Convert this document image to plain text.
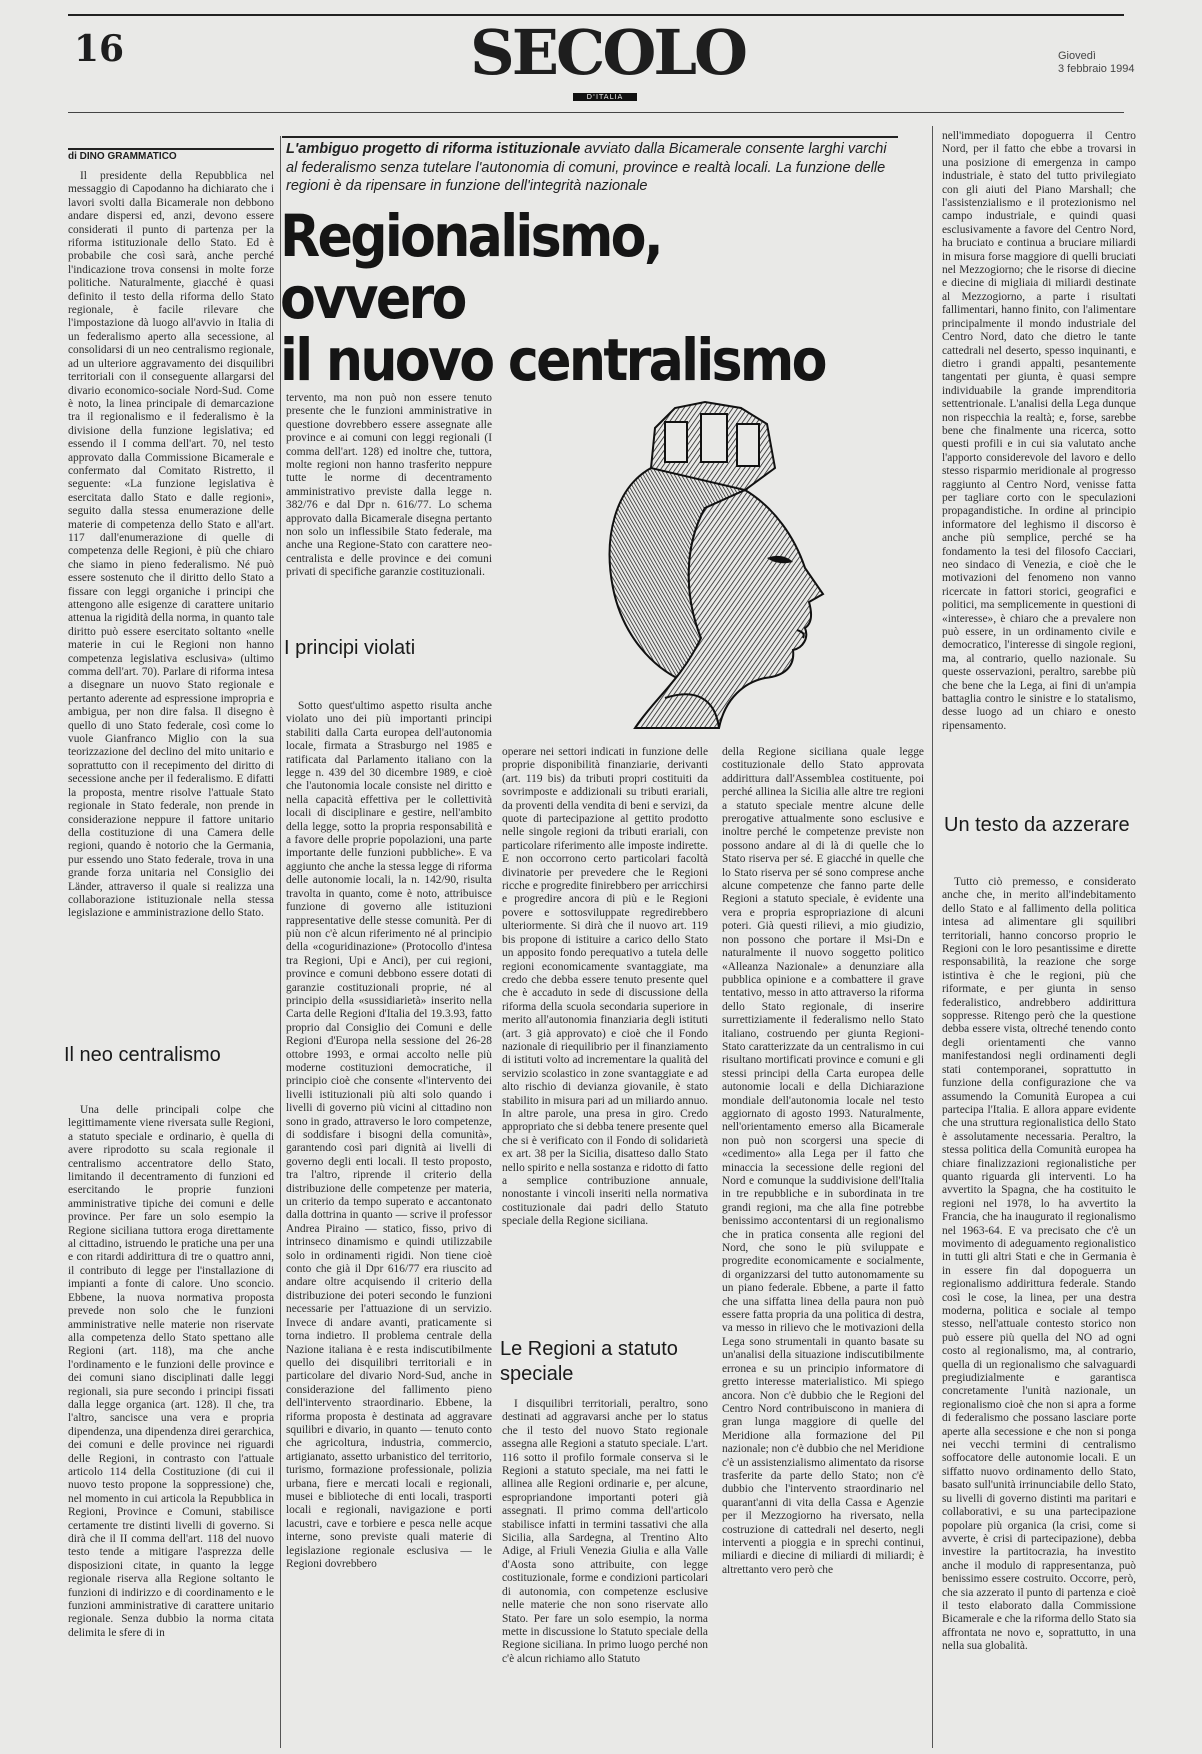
16	SECOLO
D'ITALIA
Giovedì
3 febbraio 1994
di DINO GRAMMATICO

Il presidente della Repubblica nel messaggio di Capodanno ha dichiarato che i lavori svolti dalla Bicamerale non debbono andare dispersi ed, anzi, devono essere considerati il punto di partenza per la riforma istituzionale dello Stato. Ed è probabile che così sarà, anche perché l'indicazione trova consensi in molte forze politiche. Naturalmente, giacché è quasi definito il testo della riforma dello Stato regionale, è facile rilevare che l'impostazione dà luogo all'avvio in Italia di un federalismo aperto alla secessione, al consolidarsi di un neo centralismo regionale, ad un ulteriore aggravamento dei disquilibri territoriali con il conseguente allargarsi del divario economico-sociale Nord-Sud. Come è noto, la linea principale di demarcazione tra il regionalismo e il federalismo è la divisione della funzione legislativa; ed essendo il I comma dell'art. 70, nel testo approvato dalla Commissione Bicamerale e confermato dal Comitato Ristretto, il seguente: «La funzione legislativa è esercitata dallo Stato e dalle regioni», seguito dalla stessa enumerazione delle materie di competenza dello Stato e all'art. 117 dall'enumerazione di quelle di competenza delle Regioni, è più che chiaro che siamo in pieno federalismo. Né può essere sostenuto che il diritto dello Stato a fissare con leggi organiche i principi che attengono alle esigenze di carattere unitario attenua la rigidità della norma, in quanto tale diritto può essere esercitato soltanto «nelle materie in cui le Regioni non hanno competenza legislativa esclusiva» (ultimo comma dell'art. 70). Parlare di riforma intesa a disegnare un nuovo Stato regionale e pertanto aderente ad espressione impropria e ambigua, per non dire falsa. Il disegno è quello di uno Stato federale, così come lo vuole Gianfranco Miglio con la sua teorizzazione del declino del mito unitario e soprattutto con il recepimento del diritto di secessione anche per il federalismo. E difatti la proposta, mentre risolve l'attuale Stato regionale in Stato federale, non prende in considerazione neppure il fattore unitario della costituzione di una Camera delle regioni, quando è notorio che la Germania, pur essendo uno Stato federale, trova in una grande forza unitaria nel Consiglio dei Länder, attraverso il quale si realizza una collaborazione istituzionale nella stessa legislazione e amministrazione dello Stato.

Il neo centralismo

Una delle principali colpe che legittimamente viene riversata sulle Regioni, a statuto speciale e ordinario, è quella di avere riprodotto su scala regionale il centralismo accentratore dello Stato, limitando il decentramento di funzioni ed esercitando le proprie funzioni amministrative tipiche dei comuni e delle province. Per fare un solo esempio la Regione siciliana tuttora eroga direttamente al cittadino, istruendo le pratiche una per una e con ritardi addirittura di tre o quattro anni, il contributo di legge per l'installazione di impianti a fonte di calore. Uno sconcio. Ebbene, la nuova normativa proposta prevede non solo che le funzioni amministrative nelle materie non riservate alla competenza dello Stato spettano alle Regioni (art. 118), ma che anche l'ordinamento e le funzioni delle province e dei comuni siano disciplinati dalle leggi regionali, sia pure secondo i principi fissati dalla legge organica (art. 128). Il che, tra l'altro, sancisce una vera e propria dipendenza, una dipendenza direi gerarchica, dei comuni e delle province nei riguardi delle Regioni, in contrasto con l'attuale articolo 114 della Costituzione (di cui il nuovo testo propone la soppressione) che, nel momento in cui articola la Repubblica in Regioni, Province e Comuni, stabilisce certamente tre distinti livelli di governo. Si dirà che il II comma dell'art. 118 del nuovo testo tende a mitigare l'asprezza delle disposizioni citate, in quanto la legge regionale riserva alla Regione soltanto le funzioni di indirizzo e di coordinamento e le funzioni amministrative di carattere unitario regionale. Senza dubbio la norma citata delimita le sfere di in

L'ambiguo progetto di riforma istituzionale avviato dalla Bicamerale consente larghi varchi al federalismo senza tutelare l'autonomia di comuni, province e realtà locali. La funzione delle regioni è da ripensare in funzione dell'integrità nazionale
Regionalismo, ovvero
il nuovo centralismo

tervento, ma non può non essere tenuto presente che le funzioni amministrative in questione dovrebbero essere assegnate alle province e ai comuni con leggi regionali (I comma dell'art. 128) ed inoltre che, tuttora, molte regioni non hanno trasferito neppure tutte le norme di decentramento amministrativo previste dalla legge n. 382/76 e dal Dpr n. 616/77. Lo schema approvato dalla Bicamerale disegna pertanto non solo un inflessibile Stato federale, ma anche una Regione-Stato con carattere neo-centralista e delle province e dei comuni privati di specifiche garanzie costituzionali.

I principi violati

Sotto quest'ultimo aspetto risulta anche violato uno dei più importanti principi stabiliti dalla Carta europea dell'autonomia locale, firmata a Strasburgo nel 1985 e ratificata dal Parlamento italiano con la legge n. 439 del 30 dicembre 1989, e cioè che l'autonomia locale consiste nel diritto e nella capacità effettiva per le collettività locali di disciplinare e gestire, nell'ambito della legge, sotto la propria responsabilità e a favore delle proprie popolazioni, una parte importante delle funzioni pubbliche». E va aggiunto che anche la stessa legge di riforma delle autonomie locali, la n. 142/90, risulta travolta in quanto, come è noto, attribuisce funzione di governo alle istituzioni rappresentative delle stesse comunità. Per di più non c'è alcun riferimento né al principio della «coguridinazione» (Protocollo d'intesa tra Regioni, Upi e Anci), per cui regioni, province e comuni debbono essere dotati di garanzie costituzionali proprie, né al principio della «sussidiarietà» inserito nella Carta delle Regioni d'Italia del 19.3.93, fatto proprio dal Consiglio dei Comuni e delle Regioni d'Europa nella sessione del 26-28 ottobre 1993, e ormai accolto nelle più moderne costituzioni democratiche, il principio cioè che consente «l'intervento dei livelli istituzionali più alti solo quando i livelli di governo più vicini al cittadino non sono in grado, attraverso le loro competenze, di soddisfare i bisogni della comunità», garantendo così pari dignità ai livelli di governo degli enti locali. Il testo proposto, tra l'altro, riprende il criterio della distribuzione delle competenze per materia, un criterio da tempo superato e accantonato dalla dottrina in quanto — scrive il professor Andrea Piraino — statico, fisso, privo di intrinseco dinamismo e quindi utilizzabile solo in ordinamenti rigidi. Non tiene cioè conto che già il Dpr 616/77 era riuscito ad andare oltre acquisendo il criterio della distribuzione dei poteri secondo le funzioni necessarie per l'attuazione di un servizio. Invece di andare avanti, praticamente si torna indietro. Il problema centrale della Nazione italiana è e resta indiscutibilmente quello dei disquilibri territoriali e in particolare del divario Nord-Sud, anche in considerazione del fallimento pieno dell'intervento straordinario. Ebbene, la riforma proposta è destinata ad aggravare squilibri e divario, in quanto — tenuto conto che agricoltura, industria, commercio, artigianato, assetto urbanistico del territorio, turismo, formazione professionale, polizia urbana, fiere e mercati locali e regionali, musei e biblioteche di enti locali, trasporti locali e regionali, navigazione e porti lacustri, cave e torbiere e pesca nelle acque interne, sono previste quali materie di legislazione regionale esclusiva — le Regioni dovrebbero

operare nei settori indicati in funzione delle proprie disponibilità finanziarie, derivanti (art. 119 bis) da tributi propri costituiti da sovrimposte e addizionali su tributi erariali, da proventi della vendita di beni e servizi, da quote di partecipazione al gettito prodotto nelle singole regioni da tributi erariali, con particolare riferimento alle imposte indirette. E non occorrono certo particolari facoltà divinatorie per prevedere che le Regioni ricche e progredite finirebbero per arricchirsi e progredire ancora di più e le Regioni povere e sottosviluppate regredirebbero ulteriormente. Si dirà che il nuovo art. 119 bis propone di istituire a carico dello Stato un apposito fondo perequativo a tutela delle regioni economicamente svantaggiate, ma credo che debba essere tenuto presente quel che è accaduto in sede di discussione della riforma della scuola secondaria superiore in merito all'autonomia finanziaria degli istituti (art. 3 già approvato) e cioè che il Fondo nazionale di riequilibrio per il finanziamento di istituti volto ad incrementare la qualità del servizio scolastico in zone svantaggiate e ad alto rischio di devianza giovanile, è stato stabilito in misura pari ad un miliardo annuo. In altre parole, una presa in giro. Credo appropriato che si debba tenere presente quel che si è verificato con il Fondo di solidarietà ex art. 38 per la Sicilia, disatteso dallo Stato nello spirito e nella sostanza e ridotto di fatto a semplice contribuzione annuale, nonostante i vincoli inseriti nella normativa costituzionale dai padri dello Statuto speciale della Regione siciliana.

Le Regioni a statuto speciale

I disquilibri territoriali, peraltro, sono destinati ad aggravarsi anche per lo status che il testo del nuovo Stato regionale assegna alle Regioni a statuto speciale. L'art. 116 sotto il profilo formale conserva si le Regioni a statuto speciale, ma nei fatti le allinea alle Regioni ordinarie e, per alcune, espropriandone importanti poteri già assegnati. Il primo comma dell'articolo stabilisce infatti in termini tassativi che alla Sicilia, alla Sardegna, al Trentino Alto Adige, al Friuli Venezia Giulia e alla Valle d'Aosta sono attribuite, con legge costituzionale, forme e condizioni particolari di autonomia, con competenze esclusive nelle materie che non sono riservate allo Stato. Per fare un solo esempio, la norma mette in discussione lo Statuto speciale della Regione siciliana. In primo luogo perché non c'è alcun richiamo allo Statuto

della Regione siciliana quale legge costituzionale dello Stato approvata addirittura dall'Assemblea costituente, poi perché allinea la Sicilia alle altre tre regioni a statuto speciale mentre alcune delle prerogative attualmente sono esclusive e inoltre perché le competenze previste non possono andare al di là di quelle che lo Stato riserva per sé. E giacché in quelle che lo Stato riserva per sé sono comprese anche alcune competenze che fanno parte delle Regioni a statuto speciale, è evidente una vera e propria espropriazione di alcuni poteri. Già questi rilievi, a mio giudizio, non possono che portare il Msi-Dn e naturalmente il nuovo soggetto politico «Alleanza Nazionale» a denunziare alla pubblica opinione e a combattere il grave tentativo, messo in atto attraverso la riforma dello Stato regionale, di inserire surrettiziamente il federalismo nello Stato italiano, costruendo per giunta Regioni-Stato caratterizzate da un centralismo in cui risultano mortificati province e comuni e gli stessi principi della Carta europea delle autonomie locali e della Dichiarazione mondiale dell'autonomia locale nel testo aggiornato di agosto 1993. Naturalmente, nell'orientamento emerso alla Bicamerale non può non scorgersi una specie di «cedimento» alla Lega per il fatto che minaccia la secessione delle regioni del Nord e comunque la suddivisione dell'Italia in tre repubbliche e in subordinata in tre grandi regioni, ma che alla fine potrebbe benissimo accontentarsi di un regionalismo che in pratica consenta alle regioni del Nord, che sono le più sviluppate e progredite economicamente e socialmente, di organizzarsi del tutto autonomamente su un piano federale. Ebbene, a parte il fatto che una siffatta linea della paura non può essere fatta propria da una politica di destra, va messo in rilievo che le motivazioni della Lega sono strumentali in quanto basate su un'analisi della situazione indiscutibilmente erronea e su un principio informatore di gretto interesse materialistico. Mi spiego ancora. Non c'è dubbio che le Regioni del Centro Nord contribuiscono in maniera di gran lunga maggiore di quelle del Meridione alla formazione del Pil nazionale; non c'è dubbio che nel Meridione c'è un assistenzialismo alimentato da risorse trasferite da parte dello Stato; non c'è dubbio che l'intervento straordinario nel quarant'anni di vita della Cassa e Agenzie per il Mezzogiorno ha riversato, nella costruzione di cattedrali nel deserto, negli interventi a pioggia e in sprechi continui, miliardi e diecine di miliardi di miliardi; è altrettanto vero però che

nell'immediato dopoguerra il Centro Nord, per il fatto che ebbe a trovarsi in una posizione di emergenza in campo industriale, è stato del tutto privilegiato con gli aiuti del Piano Marshall; che l'assistenzialismo e il protezionismo nel campo industriale, e quindi quasi esclusivamente a favore del Centro Nord, ha bruciato e continua a bruciare miliardi in misura forse maggiore di quelli bruciati nel Mezzogiorno; che le risorse di diecine e diecine di migliaia di miliardi destinate al Mezzogiorno, a parte i risultati fallimentari, hanno finito, con l'alimentare principalmente il mondo industriale del Centro Nord, dato che dietro le tante cattedrali nel deserto, spesso inquinanti, e dietro i grandi appalti, pesantemente tangentati per giunta, è quasi sempre individuabile la grande imprenditoria settentrionale. L'analisi della Lega dunque non rispecchia la realtà; e, forse, sarebbe bene che finalmente una ricerca, sotto questi profili e in cui sia valutato anche l'apporto considerevole del lavoro e dello stesso risparmio meridionale al progresso raggiunto al Centro Nord, venisse fatta per tagliare corto con le speculazioni propagandistiche. In ordine al principio informatore del leghismo il discorso è anche più semplice, perché se ha fondamento la tesi del filosofo Cacciari, neo sindaco di Venezia, e cioè che le motivazioni del fenomeno non vanno ricercate in fattori storici, geografici e politici, ma semplicemente in questioni di «interesse», è chiaro che a prevalere non può essere, in un ordinamento civile e democratico, l'interesse di singole regioni, ma, al contrario, quello nazionale. Su queste osservazioni, peraltro, sarebbe più che bene che la Lega, ai fini di un'ampia battaglia contro le sinistre e lo statalismo, desse luogo ad un chiaro e onesto ripensamento.

Un testo da azzerare

Tutto ciò premesso, e considerato anche che, in merito all'indebitamento dello Stato e al fallimento della politica intesa ad alimentare gli squilibri territoriali, hanno concorso proprio le Regioni con le loro pesantissime e dirette responsabilità, la reazione che sorge istintiva è che le regioni, più che riformate, e per giunta in senso federalistico, andrebbero addirittura soppresse. Ritengo però che la questione debba essere vista, oltreché tenendo conto degli orientamenti che vanno manifestandosi negli ordinamenti degli stati contemporanei, soprattutto in funzione della configurazione che va assumendo la Comunità Europea a cui partecipa l'Italia. E allora appare evidente che una struttura regionalistica dello Stato è assolutamente necessaria. Peraltro, la stessa politica della Comunità europea ha chiare finalizzazioni regionalistiche per quanto riguarda gli interventi. Lo ha avvertito la Spagna, che ha costituito le regioni nel 1978, lo ha avvertito la Francia, che ha inaugurato il regionalismo nel 1963-64. E va precisato che c'è un movimento di adeguamento regionalistico in tutti gli altri Stati e che in Germania è in essere fin dal dopoguerra un regionalismo addirittura federale. Stando così le cose, la linea, per una destra moderna, politica e sociale al tempo stesso, nell'attuale contesto storico non può essere più quella del NO ad ogni costo al regionalismo, ma, al contrario, quella di un regionalismo che salvaguardi pregiudizialmente e garantisca concretamente l'unità nazionale, un regionalismo cioè che non si apra a forme di federalismo che possano lasciare porte aperte alla secessione e che non si ponga nei vecchi termini di centralismo soffocatore delle autonomie locali. E un siffatto nuovo ordinamento dello Stato, basato sull'unità irrinunciabile dello Stato, su livelli di governo distinti ma paritari e collaborativi, e su una partecipazione popolare più organica (la crisi, come si avverte, è crisi di partecipazione), debba investire la partitocrazia, ha investito anche il modulo di rappresentanza, può benissimo essere costruito. Occorre, però, che sia azzerato il punto di partenza e cioè il testo elaborato dalla Commissione Bicamerale e che la riforma dello Stato sia affrontata ne novo e, soprattutto, in una nella sua globalità.
